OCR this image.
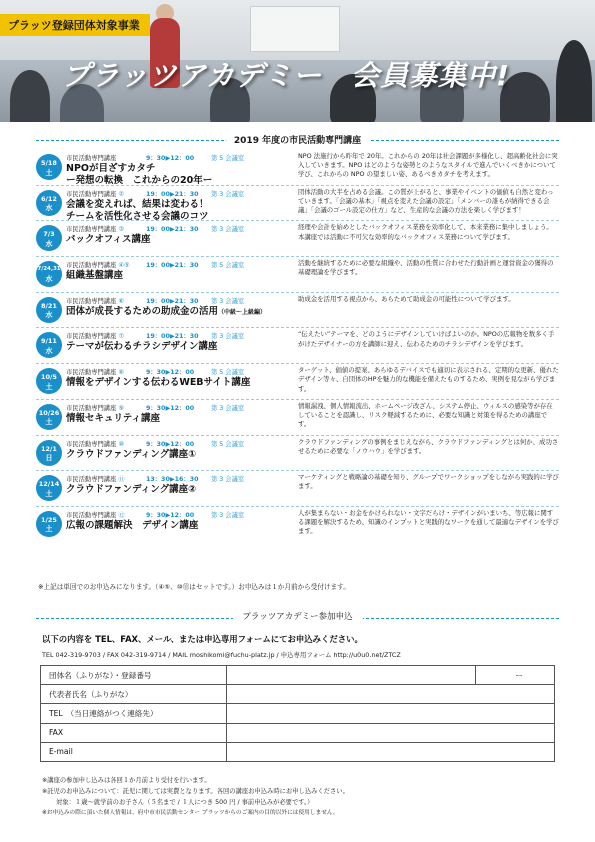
プラッツ登録団体対象事業
プラッツアカデミー　会員募集中!
2019 年度の市民活動専門講座
5/18
土
市民活動専門講座	9：30▶12：00	第 5 会議室
NPOが目ざすカタチ
ー発想の転換　これからの20年ー
NPO 法施行から昨年で 20年。これからの 20年は社会課題が多様化し、超高齢化社会に突入していきます。NPO はどのような姿勢とのようなスタイルで進んでいくべきかについて学び、これからの NPO の望ましい姿、あるべきカタチを考えます。
6/12
水
市民活動専門講座 ②	19：00▶21：30 第 3 会議室
会議を変えれば、結果は変わる！
チームを活性化させる会議のコツ
団体活動の大半を占める会議。この質が上がると、事業やイベントの価値も自然と変わっていきます。「会議の基本」「視点を変えた会議の設定」「メンバーの誰もが納得できる会議」「会議のゴール設定の仕方」など、生産的な会議の方法を楽しく学びます！
7/3
水
市民活動専門講座 ③	19：00▶21：30 第 3 会議室
バックオフィス講座
経理や会計を始めとしたバックオフィス業務を効率化して、本来業務に集中しましょう。本講座では活動に不可欠な効率的なバックオフィス業務について学びます。
7/24,31
水
市民活動専門講座 ④⑤	19：00▶21：30 第 5 会議室
組織基盤講座
活動を継続するために必要な組織や、活動の性質に合わせた行動計画と運営資金の獲得の基礎理論を学びます。
8/21
水
市民活動専門講座 ⑥	19：00▶21：30 第 3 会議室
団体が成長するための助成金の活用（中級〜上級編）
助成金を活用する視点から、あらためて助成金の可能性について学びます。
9/11
水
市民活動専門講座 ⑦	19：00▶21：30 第 3 会議室
テーマが伝わるチラシデザイン講座
“伝えたい”テーマを、どのようにデザインしていけばよいのか。NPOの広報物を数多く手がけたデザイナーの方を講師に迎え、伝わるためのチラシデザインを学びます。
10/5
土
市民活動専門講座 ⑧	9：30▶12：00	第 5 会議室
情報をデザインする伝わるWEBサイト講座
ターゲット、価値の提案、あらゆるデバイスでも適切に表示される、定期的な更新、優れたデザイン等々、自団体のHPを魅力的な機能を備えたものするため、実例を見ながら学びます。
10/26
土
市民活動専門講座 ⑨	9：30▶12：00	第 3 会議室
情報セキュリティ講座
情報漏洩、個人情報流出、ホームページ改ざん、システム停止、ウィルスの感染等が存在していることを認識し、リスク軽減するために、必要な知識と対策を得るための講座です。
12/1
日
市民活動専門講座 ⑩	9：30▶12：00	第 5 会議室
クラウドファンディング講座①
クラウドファンディングの事例をまじえながら、クラウドファンディングとは何か、成功させるために必要な「ノウハウ」を学びます。
12/14
土
市民活動専門講座 ⑪	13：30▶16：30 第 3 会議室
クラウドファンディング講座②
マーケティングと戦略論の基礎を知り、グループでワークショップをしながら実践的に学びます。
1/25
土
市民活動専門講座 ⑫	9：30▶12：00	第 3 会議室
広報の課題解決　デザイン講座
人が集まらない・お金をかけられない・文字だらけ・デザインがいまいち、等広報に関する課題を解決するため、知識のインプットと実践的なワークを通して最適なデザインを学びます。
※上記は単回でのお申込みになります。（④⑤、⑩⑪はセットです。）お申込みは１か月前から受付けます。
プラッツアカデミー参加申込
以下の内容を TEL、FAX、メール、または申込専用フォームにてお申込みください。
TEL 042-319-9703 / FAX 042-319-9714 / MAIL moshikomi@fuchu-platz.jp / 申込専用フォーム http://u0u0.net/ZTCZ
団体名（ふりがな）・登録番号		ー
代表者氏名（ふりがな）		
TEL　（当日連絡がつく連絡先）		
FAX		
E-mail		
※講座の参加申し込みは各回１か月前より受付を行います。
※託児のお申込みについて：託児に関しては実費となります。各回の講座お申込み時にお申し込みください。
対象：１歳〜就学前のお子さん（５名まで / １人につき 500 円 / 事前申込みが必要です。）
※お申込みの際に頂いた個人情報は、府中市市民活動センター プラッツからのご案内の目的以外には使用しません。
